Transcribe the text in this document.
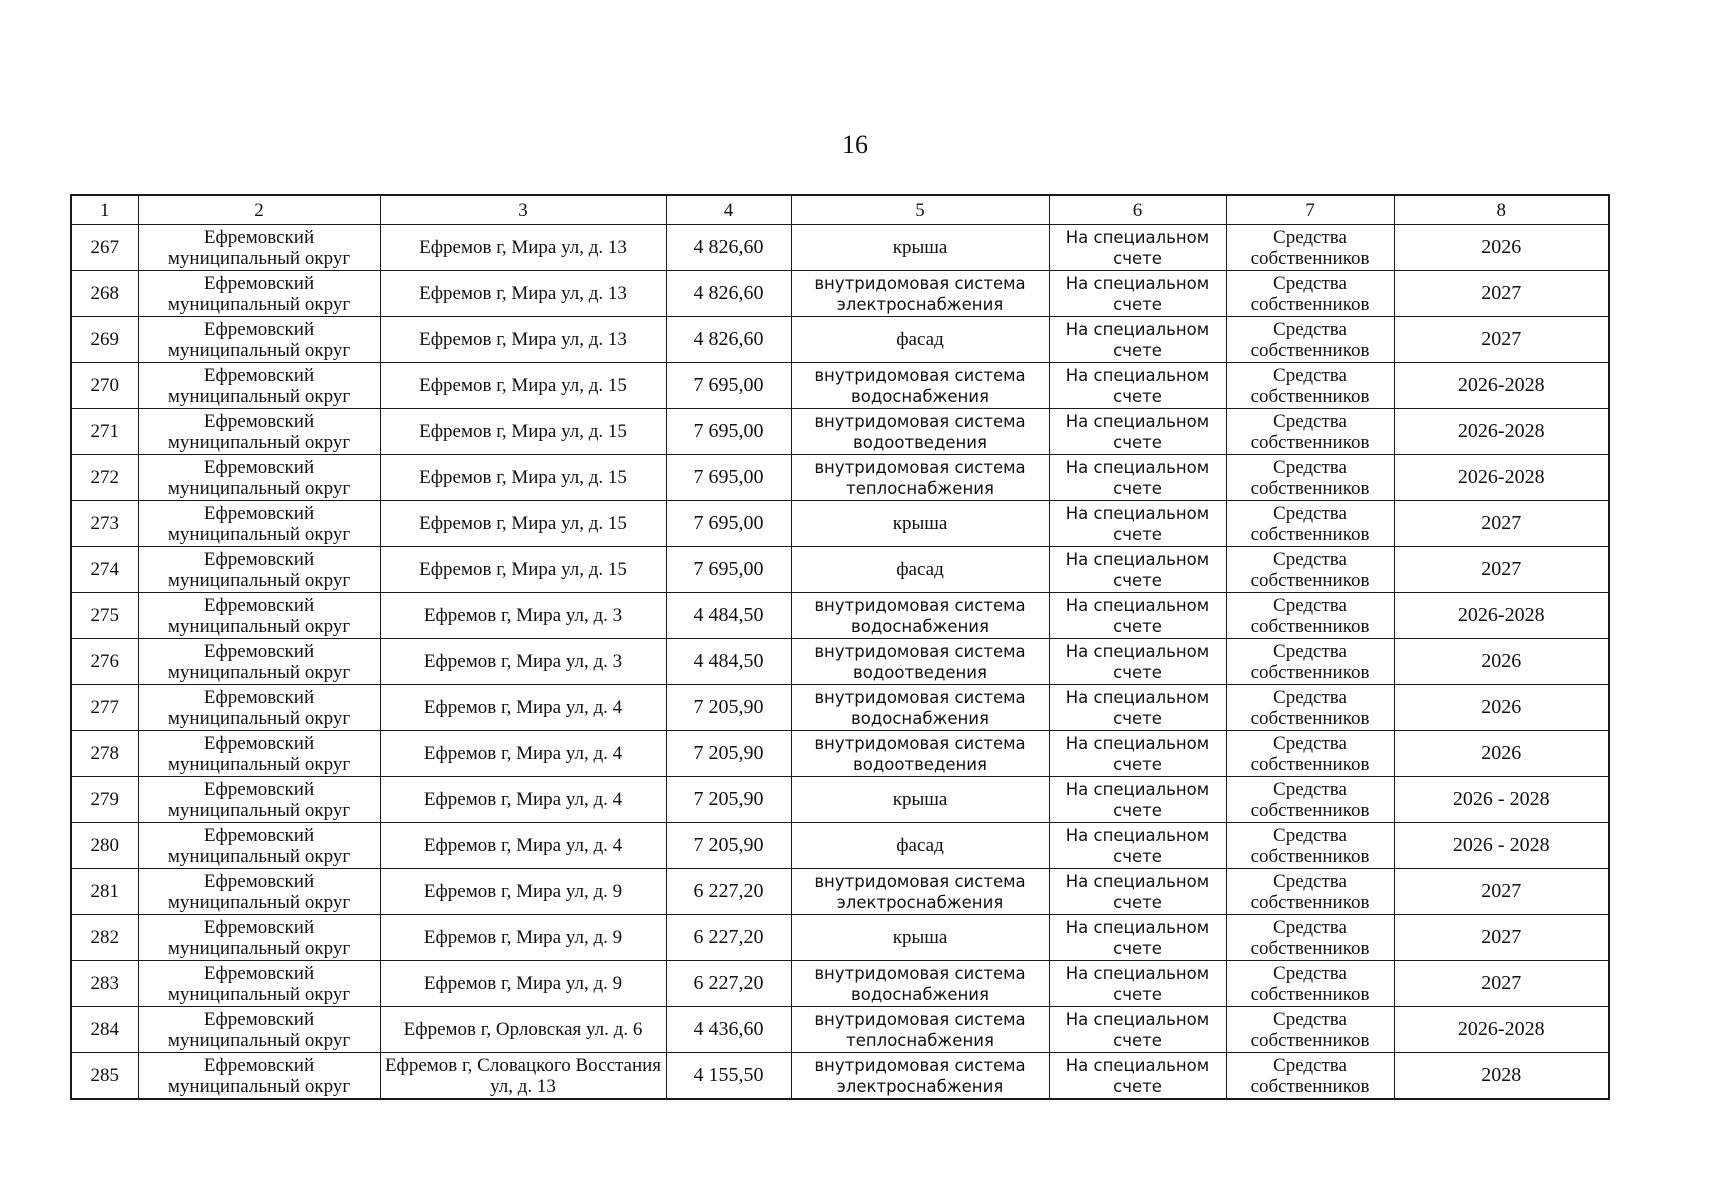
16
1	2	3	4	5	6	7	8
267	Ефремовский муниципальный округ	Ефремов г, Мира ул, д. 13	4 826,60	крыша	На специальном счете	Средства собственников	2026
268	Ефремовский муниципальный округ	Ефремов г, Мира ул, д. 13	4 826,60	внутридомовая система электроснабжения	На специальном счете	Средства собственников	2027
269	Ефремовский муниципальный округ	Ефремов г, Мира ул, д. 13	4 826,60	фасад	На специальном счете	Средства собственников	2027
270	Ефремовский муниципальный округ	Ефремов г, Мира ул, д. 15	7 695,00	внутридомовая система водоснабжения	На специальном счете	Средства собственников	2026-2028
271	Ефремовский муниципальный округ	Ефремов г, Мира ул, д. 15	7 695,00	внутридомовая система водоотведения	На специальном счете	Средства собственников	2026-2028
272	Ефремовский муниципальный округ	Ефремов г, Мира ул, д. 15	7 695,00	внутридомовая система теплоснабжения	На специальном счете	Средства собственников	2026-2028
273	Ефремовский муниципальный округ	Ефремов г, Мира ул, д. 15	7 695,00	крыша	На специальном счете	Средства собственников	2027
274	Ефремовский муниципальный округ	Ефремов г, Мира ул, д. 15	7 695,00	фасад	На специальном счете	Средства собственников	2027
275	Ефремовский муниципальный округ	Ефремов г, Мира ул, д. 3	4 484,50	внутридомовая система водоснабжения	На специальном счете	Средства собственников	2026-2028
276	Ефремовский муниципальный округ	Ефремов г, Мира ул, д. 3	4 484,50	внутридомовая система водоотведения	На специальном счете	Средства собственников	2026
277	Ефремовский муниципальный округ	Ефремов г, Мира ул, д. 4	7 205,90	внутридомовая система водоснабжения	На специальном счете	Средства собственников	2026
278	Ефремовский муниципальный округ	Ефремов г, Мира ул, д. 4	7 205,90	внутридомовая система водоотведения	На специальном счете	Средства собственников	2026
279	Ефремовский муниципальный округ	Ефремов г, Мира ул, д. 4	7 205,90	крыша	На специальном счете	Средства собственников	2026 - 2028
280	Ефремовский муниципальный округ	Ефремов г, Мира ул, д. 4	7 205,90	фасад	На специальном счете	Средства собственников	2026 - 2028
281	Ефремовский муниципальный округ	Ефремов г, Мира ул, д. 9	6 227,20	внутридомовая система электроснабжения	На специальном счете	Средства собственников	2027
282	Ефремовский муниципальный округ	Ефремов г, Мира ул, д. 9	6 227,20	крыша	На специальном счете	Средства собственников	2027
283	Ефремовский муниципальный округ	Ефремов г, Мира ул, д. 9	6 227,20	внутридомовая система водоснабжения	На специальном счете	Средства собственников	2027
284	Ефремовский муниципальный округ	Ефремов г, Орловская ул. д. 6	4 436,60	внутридомовая система теплоснабжения	На специальном счете	Средства собственников	2026-2028
285	Ефремовский муниципальный округ	Ефремов г, Словацкого Восстания ул, д. 13	4 155,50	внутридомовая система электроснабжения	На специальном счете	Средства собственников	2028
